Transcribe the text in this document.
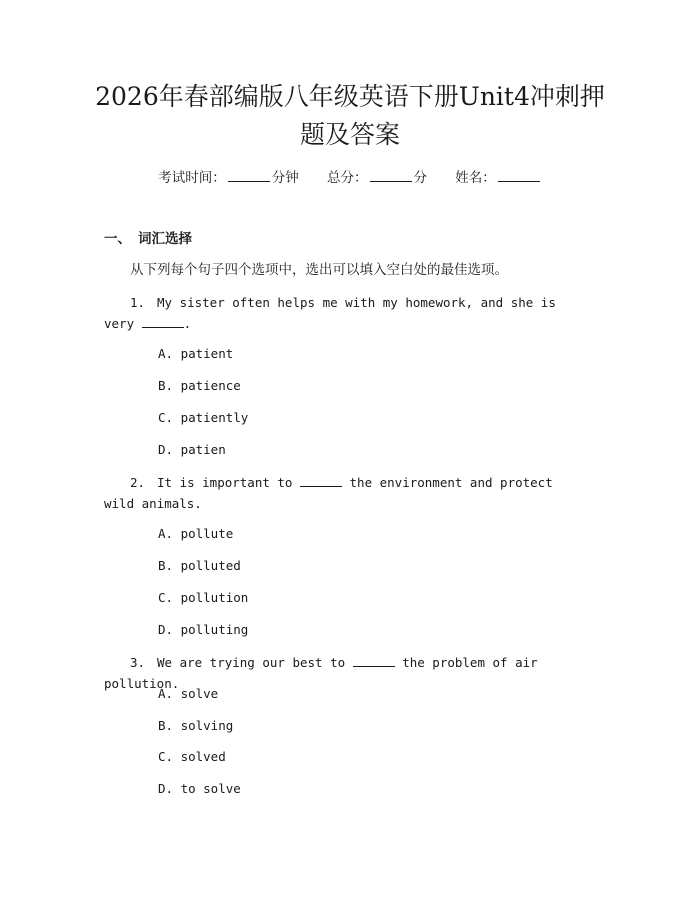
2026年春部编版八年级英语下册Unit4冲刺押题及答案
考试时间：	分钟 总分：	分 姓名：
一、 词汇选择
从下列每个句子四个选项中，选出可以填入空白处的最佳选项。

1. My sister often helps me with my homework, and she is very	.

A. patient
B. patience
C. patiently
D. patien

2. It is important to	the environment and protect wild animals.

A. pollute
B. polluted
C. pollution
D. polluting

3. We are trying our best to	the problem of air pollution.

A. solve
B. solving
C. solved
D. to solve
